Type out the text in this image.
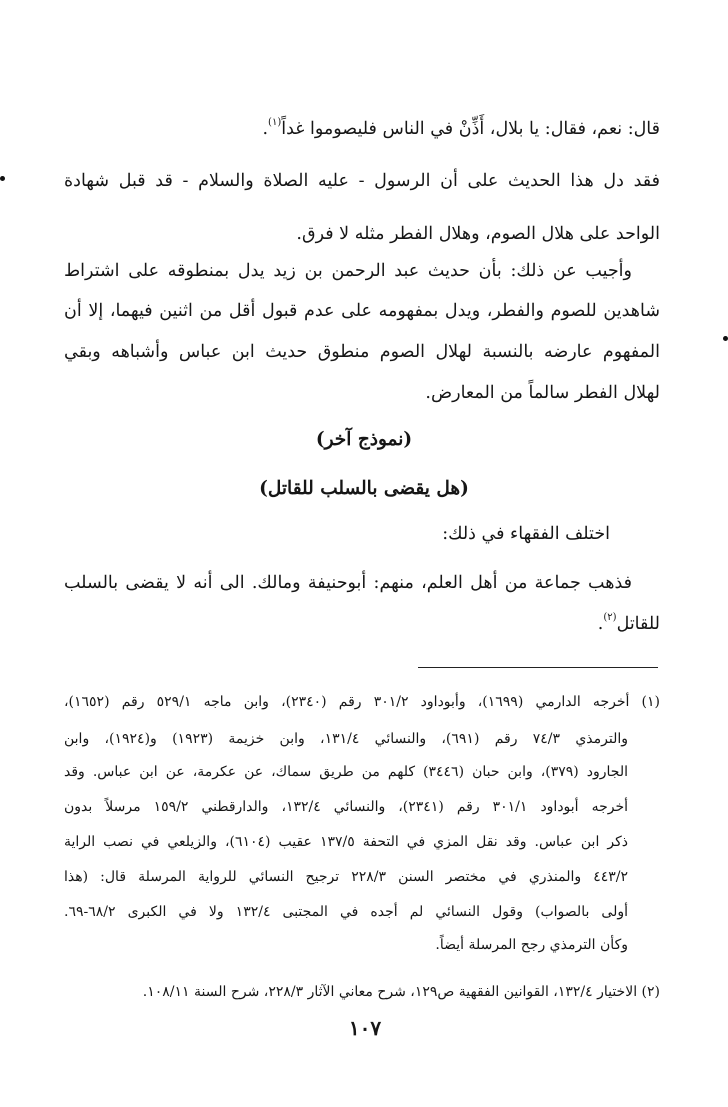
قال: نعم، فقال: يا بلال، أَذِّنْ في الناس فليصوموا غداً$^{(١)}$.
فقد دل هذا الحديث على أن الرسول - عليه الصلاة والسلام - قد قبل شهادة
الواحد على هلال الصوم، وهلال الفطر مثله لا فرق.
وأجيب عن ذلك: بأن حديث عبد الرحمن بن زيد يدل بمنطوقه على اشتراط
شاهدين للصوم والفطر، ويدل بمفهومه على عدم قبول أقل من اثنين فيهما، إلا أن
المفهوم عارضه بالنسبة لهلال الصوم منطوق حديث ابن عباس وأشباهه وبقي
لهلال الفطر سالماً من المعارض.
(نموذج آخر)
(هل يقضى بالسلب للقاتل)
اختلف الفقهاء في ذلك:
فذهب جماعة من أهل العلم، منهم: أبوحنيفة ومالك. الى أنه لا يقضى بالسلب
للقاتل$^{(٢)}$.
(١) أخرجه الدارمي (١٦٩٩)، وأبوداود ٣٠١/٢ رقم (٢٣٤٠)، وابن ماجه ٥٢٩/١ رقم (١٦٥٢)،
والترمذي ٧٤/٣ رقم (٦٩١)، والنسائي ١٣١/٤، وابن خزيمة (١٩٢٣) و(١٩٢٤)، وابن
الجارود (٣٧٩)، وابن حبان (٣٤٤٦) كلهم من طريق سماك، عن عكرمة، عن ابن عباس. وقد
أخرجه أبوداود ٣٠١/١ رقم (٢٣٤١)، والنسائي ١٣٢/٤، والدارقطني ١٥٩/٢ مرسلاً بدون
ذكر ابن عباس. وقد نقل المزي في التحفة ١٣٧/٥ عقيب (٦١٠٤)، والزيلعي في نصب الراية
٤٤٣/٢ والمنذري في مختصر السنن ٢٢٨/٣ ترجيح النسائي للرواية المرسلة قال: (هذا
أولى بالصواب) وقول النسائي لم أجده في المجتبى ١٣٢/٤ ولا في الكبرى ٦٨/٢-٦٩.
وكأن الترمذي رجح المرسلة أيضاً.
(٢) الاختيار ١٣٢/٤، القوانين الفقهية ص١٢٩، شرح معاني الآثار ٢٢٨/٣، شرح السنة ١٠٨/١١.
١٠٧
